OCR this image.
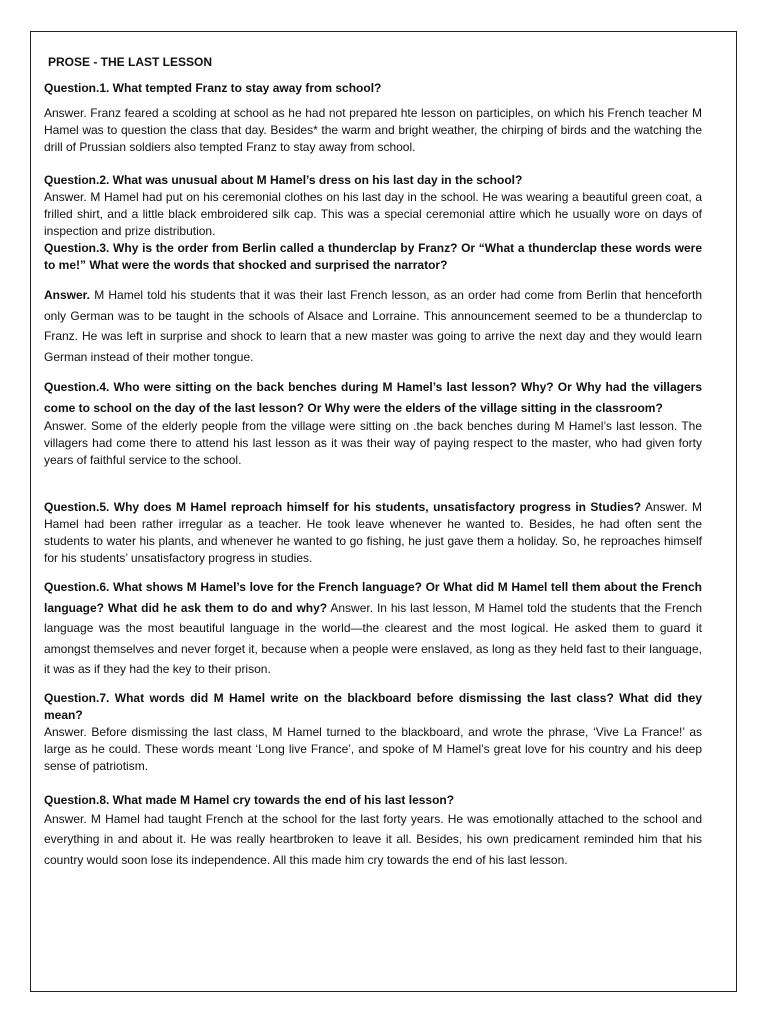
PROSE - THE LAST LESSON
Question.1. What tempted Franz to stay away from school?
Answer. Franz feared a scolding at school as he had not prepared hte lesson on participles, on which his French teacher M Hamel was to question the class that day. Besides* the warm and bright weather, the chirping of birds and the watching the drill of Prussian soldiers also tempted Franz to stay away from school.
Question.2. What was unusual about M Hamel’s dress on his last day in the school?
Answer. M Hamel had put on his ceremonial clothes on his last day in the school. He was wearing a beautiful green coat, a frilled shirt, and a little black embroidered silk cap. This was a special ceremonial attire which he usually wore on days of inspection and prize distribution.
Question.3. Why is the order from Berlin called a thunderclap by Franz? Or “What a thunderclap these words were to me!” What were the words that shocked and surprised the narrator?
Answer. M Hamel told his students that it was their last French lesson, as an order had come from Berlin that henceforth only German was to be taught in the schools of Alsace and Lorraine. This announcement seemed to be a thunderclap to Franz. He was left in surprise and shock to learn that a new master was going to arrive the next day and they would learn German instead of their mother tongue.
Question.4. Who were sitting on the back benches during M Hamel’s last lesson? Why? Or Why had the villagers come to school on the day of the last lesson? Or Why were the elders of the village sitting in the classroom?
Answer. Some of the elderly people from the village were sitting on .the back benches during M Hamel’s last lesson. The villagers had come there to attend his last lesson as it was their way of paying respect to the master, who had given forty years of faithful service to the school.
Question.5. Why does M Hamel reproach himself for his students, unsatisfactory progress in Studies? Answer. M Hamel had been rather irregular as a teacher. He took leave whenever he wanted to. Besides, he had often sent the students to water his plants, and whenever he wanted to go fishing, he just gave them a holiday. So, he reproaches himself for his students’ unsatisfactory progress in studies.
Question.6. What shows M Hamel’s love for the French language? Or What did M Hamel tell them about the French language? What did he ask them to do and why? Answer. In his last lesson, M Hamel told the students that the French language was the most beautiful language in the world—the clearest and the most logical. He asked them to guard it amongst themselves and never forget it, because when a people were enslaved, as long as they held fast to their language, it was as if they had the key to their prison.
Question.7. What words did M Hamel write on the blackboard before dismissing the last class? What did they mean?
Answer. Before dismissing the last class, M Hamel turned to the blackboard, and wrote the phrase, ‘Vive La France!’ as large as he could. These words meant ‘Long live France’, and spoke of M Hamel’s great love for his country and his deep sense of patriotism.
Question.8. What made M Hamel cry towards the end of his last lesson?
Answer. M Hamel had taught French at the school for the last forty years. He was emotionally attached to the school and everything in and about it. He was really heartbroken to leave it all. Besides, his own predicament reminded him that his country would soon lose its independence. All this made him cry towards the end of his last lesson.
